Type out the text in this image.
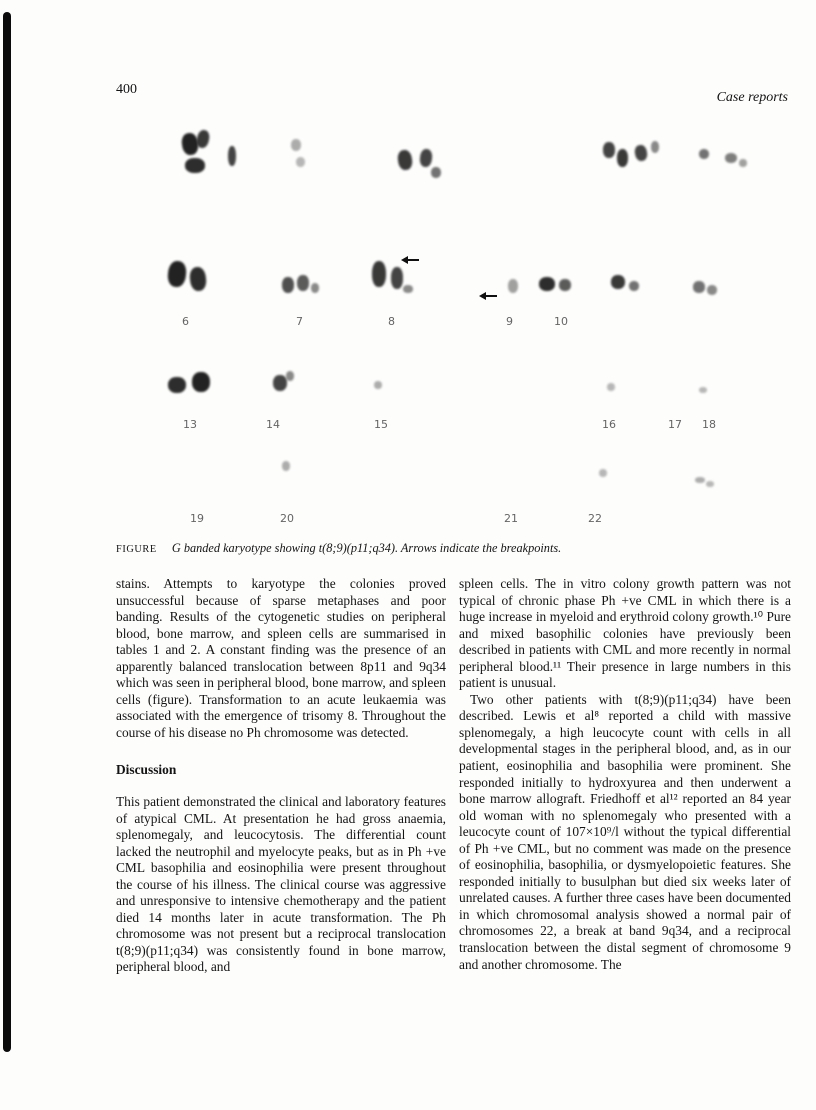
400
Case reports
6	7	8	9	10
13	14	15	16	17 18
19	20	21	22
FIGURE G banded karyotype showing t(8;9)(p11;q34). Arrows indicate the breakpoints.

stains. Attempts to karyotype the colonies proved unsuccessful because of sparse metaphases and poor banding. Results of the cytogenetic studies on peripheral blood, bone marrow, and spleen cells are summarised in tables 1 and 2. A constant finding was the presence of an apparently balanced translocation between 8p11 and 9q34 which was seen in peripheral blood, bone marrow, and spleen cells (figure). Transformation to an acute leukaemia was associated with the emergence of trisomy 8. Throughout the course of his disease no Ph chromosome was detected.

Discussion

This patient demonstrated the clinical and laboratory features of atypical CML. At presentation he had gross anaemia, splenomegaly, and leucocytosis. The differential count lacked the neutrophil and myelocyte peaks, but as in Ph +ve CML basophilia and eosinophilia were present throughout the course of his illness. The clinical course was aggressive and unresponsive to intensive chemotherapy and the patient died 14 months later in acute transformation. The Ph chromosome was not present but a reciprocal translocation t(8;9)(p11;q34) was consistently found in bone marrow, peripheral blood, and

spleen cells. The in vitro colony growth pattern was not typical of chronic phase Ph +ve CML in which there is a huge increase in myeloid and erythroid colony growth.¹⁰ Pure and mixed basophilic colonies have previously been described in patients with CML and more recently in normal peripheral blood.¹¹ Their presence in large numbers in this patient is unusual.

Two other patients with t(8;9)(p11;q34) have been described. Lewis et al⁸ reported a child with massive splenomegaly, a high leucocyte count with cells in all developmental stages in the peripheral blood, and, as in our patient, eosinophilia and basophilia were prominent. She responded initially to hydroxyurea and then underwent a bone marrow allograft. Friedhoff et al¹² reported an 84 year old woman with no splenomegaly who presented with a leucocyte count of 107×10⁹/l without the typical differential of Ph +ve CML, but no comment was made on the presence of eosinophilia, basophilia, or dysmyelopoietic features. She responded initially to busulphan but died six weeks later of unrelated causes. A further three cases have been documented in which chromosomal analysis showed a normal pair of chromosomes 22, a break at band 9q34, and a reciprocal translocation between the distal segment of chromosome 9 and another chromosome. The
